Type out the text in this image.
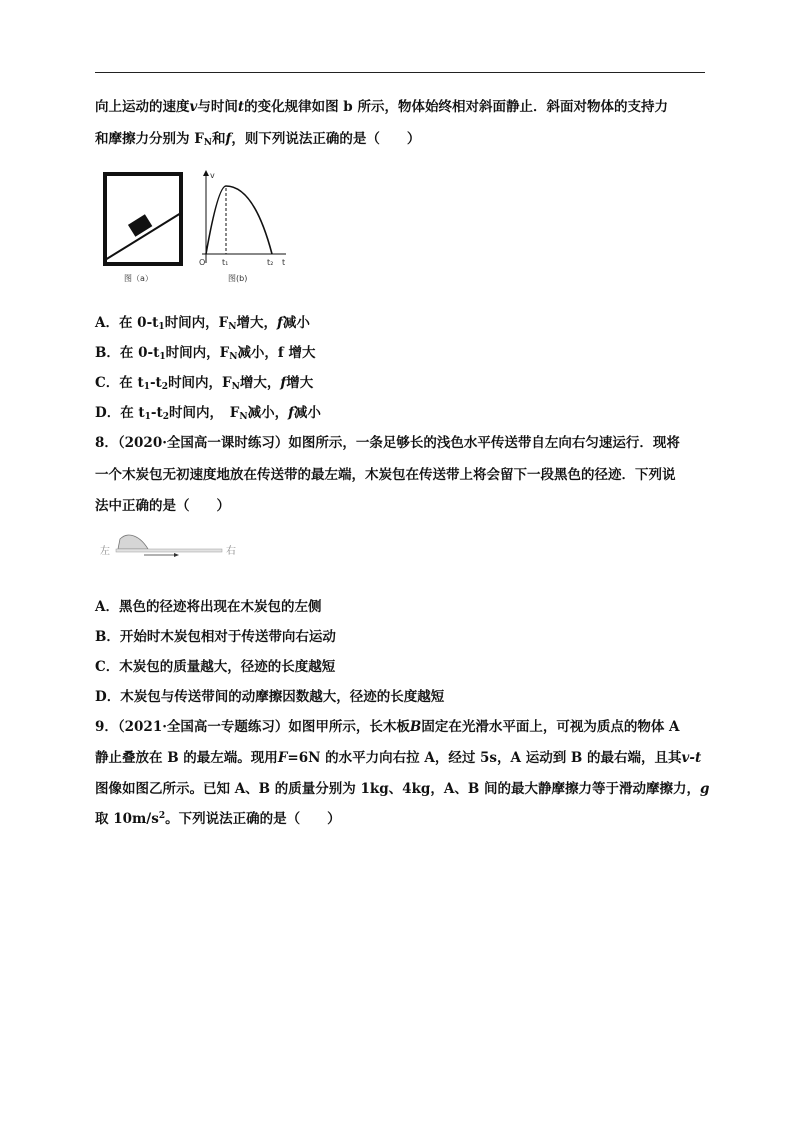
向上运动的速度v与时间t的变化规律如图 b 所示，物体始终相对斜面静止．斜面对物体的支持力
和摩擦力分别为 $F_N$和f，则下列说法正确的是（　　）
图（a）
v
O t₁	t₂ t
图(b)
A．在 $0-t_1$时间内，$F_N$增大，f减小
B．在 $0-t_1$时间内，$F_N$减小，f 增大
C．在 $t_1-t_2$时间内，$F_N$增大，f增大
D．在 $t_1-t_2$时间内，　$F_N$减小，f减小
8．（2020·全国高一课时练习）如图所示，一条足够长的浅色水平传送带自左向右匀速运行．现将
一个木炭包无初速度地放在传送带的最左端，木炭包在传送带上将会留下一段黑色的径迹．下列说
法中正确的是（　　）
左	右
A．黑色的径迹将出现在木炭包的左侧
B．开始时木炭包相对于传送带向右运动
C．木炭包的质量越大，径迹的长度越短
D．木炭包与传送带间的动摩擦因数越大，径迹的长度越短
9．（2021·全国高一专题练习）如图甲所示，长木板B固定在光滑水平面上，可视为质点的物体 A
静止叠放在 B 的最左端。现用F=6N 的水平力向右拉 A，经过 5s，A 运动到 B 的最右端，且其v-t
图像如图乙所示。已知 A、B 的质量分别为 1kg、4kg，A、B 间的最大静摩擦力等于滑动摩擦力，g
取 $10m/s^2$。下列说法正确的是（　　）
